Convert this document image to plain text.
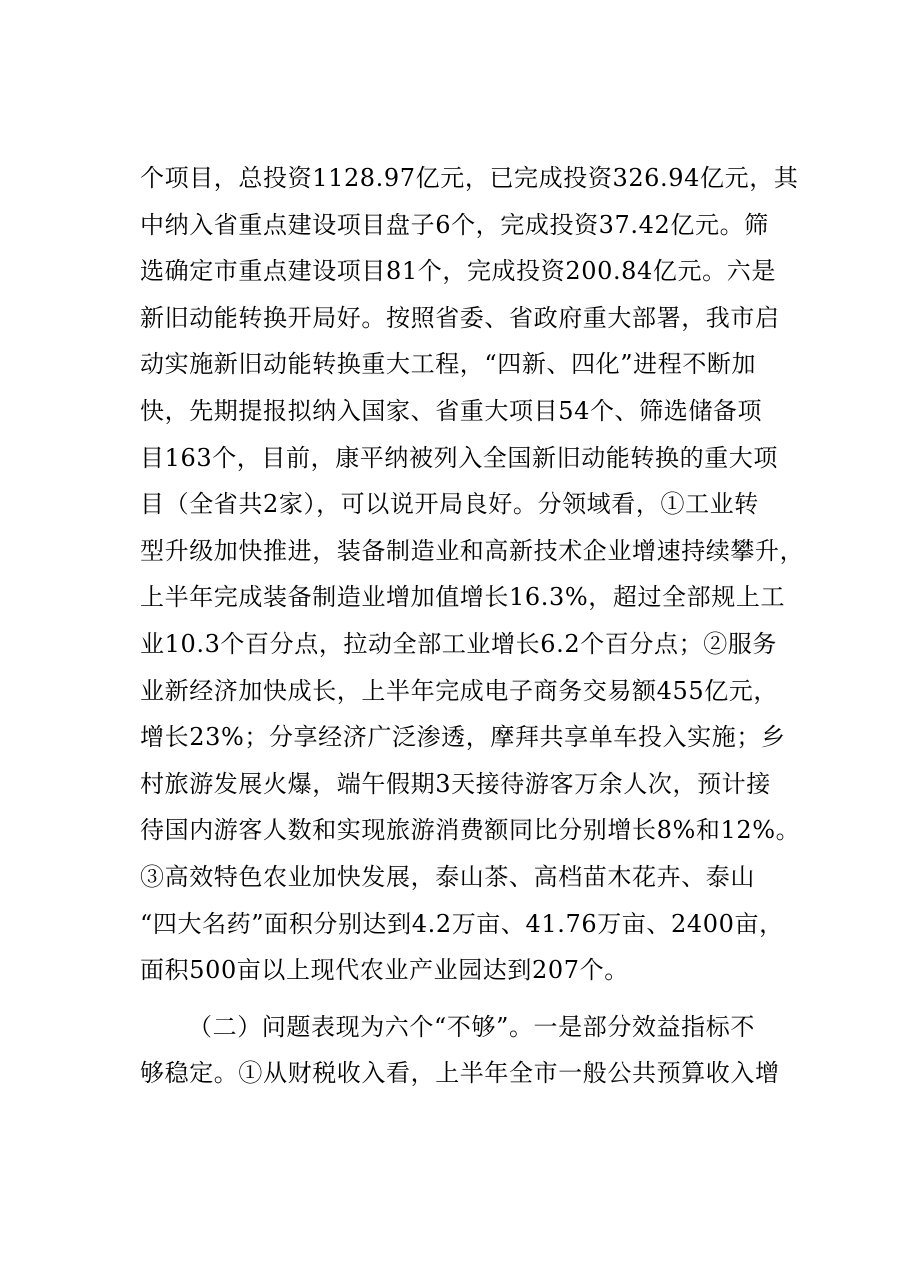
个项目，总投资1128.97亿元，已完成投资326.94亿元，其
中纳入省重点建设项目盘子6个，完成投资37.42亿元。筛
选确定市重点建设项目81个，完成投资200.84亿元。六是
新旧动能转换开局好。按照省委、省政府重大部署，我市启
动实施新旧动能转换重大工程，“四新、四化”进程不断加
快，先期提报拟纳入国家、省重大项目54个、筛选储备项
目163个，目前，康平纳被列入全国新旧动能转换的重大项
目（全省共2家），可以说开局良好。分领域看，①工业转
型升级加快推进，装备制造业和高新技术企业增速持续攀升，
上半年完成装备制造业增加值增长16.3%，超过全部规上工
业10.3个百分点，拉动全部工业增长6.2个百分点；②服务
业新经济加快成长，上半年完成电子商务交易额455亿元，
增长23%；分享经济广泛渗透，摩拜共享单车投入实施；乡
村旅游发展火爆，端午假期3天接待游客万余人次，预计接
待国内游客人数和实现旅游消费额同比分别增长8%和12%。
③高效特色农业加快发展，泰山茶、高档苗木花卉、泰山
“四大名药”面积分别达到4.2万亩、41.76万亩、2400亩，
面积500亩以上现代农业产业园达到207个。
（二）问题表现为六个“不够”。一是部分效益指标不
够稳定。①从财税收入看，上半年全市一般公共预算收入增
